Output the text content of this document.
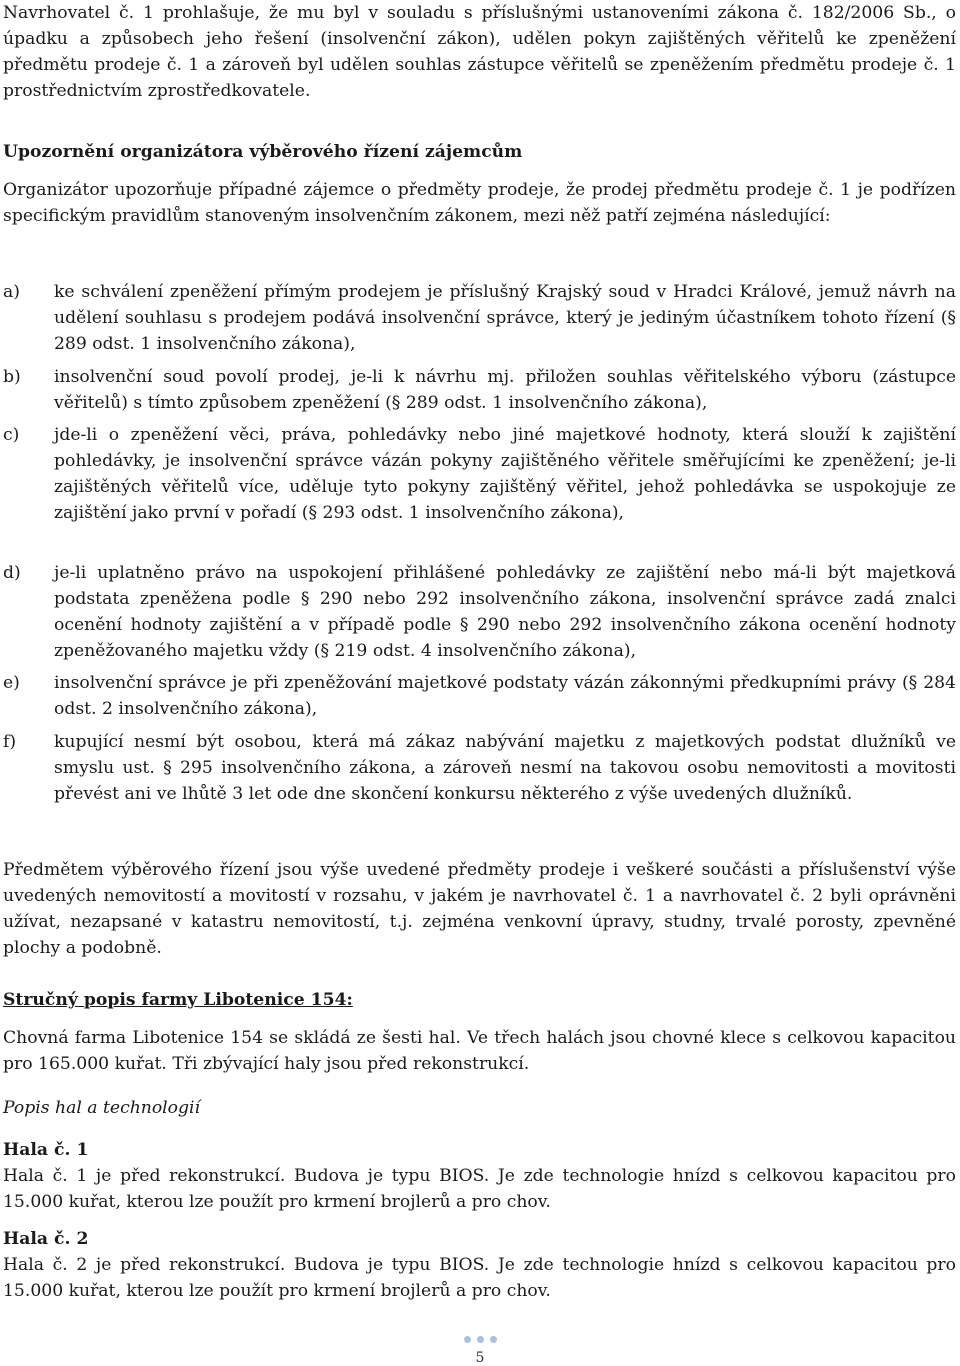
Navrhovatel č. 1 prohlašuje, že mu byl v souladu s příslušnými ustanoveními zákona č. 182/2006 Sb., o úpadku a způsobech jeho řešení (insolvenční zákon), udělen pokyn zajištěných věřitelů ke zpeněžení předmětu prodeje č. 1 a zároveň byl udělen souhlas zástupce věřitelů se zpeněžením předmětu prodeje č. 1 prostřednictvím zprostředkovatele.
Upozornění organizátora výběrového řízení zájemcům
Organizátor upozorňuje případné zájemce o předměty prodeje, že prodej předmětu prodeje č. 1 je podřízen specifickým pravidlům stanoveným insolvenčním zákonem, mezi něž patří zejména následující:
a)	ke schválení zpeněžení přímým prodejem je příslušný Krajský soud v Hradci Králové, jemuž návrh na udělení souhlasu s prodejem podává insolvenční správce, který je jediným účastníkem tohoto řízení (§ 289 odst. 1 insolvenčního zákona),
b)	insolvenční soud povolí prodej, je-li k návrhu mj. přiložen souhlas věřitelského výboru (zástupce věřitelů) s tímto způsobem zpeněžení (§ 289 odst. 1 insolvenčního zákona),
c)	jde-li o zpeněžení věci, práva, pohledávky nebo jiné majetkové hodnoty, která slouží k zajištění pohledávky, je insolvenční správce vázán pokyny zajištěného věřitele směřujícími ke zpeněžení; je-li zajištěných věřitelů více, uděluje tyto pokyny zajištěný věřitel, jehož pohledávka se uspokojuje ze zajištění jako první v pořadí (§ 293 odst. 1 insolvenčního zákona),
d)	je-li uplatněno právo na uspokojení přihlášené pohledávky ze zajištění nebo má-li být majetková podstata zpeněžena podle § 290 nebo 292 insolvenčního zákona, insolvenční správce zadá znalci ocenění hodnoty zajištění a v případě podle § 290 nebo 292 insolvenčního zákona ocenění hodnoty zpeněžovaného majetku vždy (§ 219 odst. 4 insolvenčního zákona),
e)	insolvenční správce je při zpeněžování majetkové podstaty vázán zákonnými předkupními právy (§ 284 odst. 2 insolvenčního zákona),
f)	kupující nesmí být osobou, která má zákaz nabývání majetku z majetkových podstat dlužníků ve smyslu ust. § 295 insolvenčního zákona, a zároveň nesmí na takovou osobu nemovitosti a movitosti převést ani ve lhůtě 3 let ode dne skončení konkursu některého z výše uvedených dlužníků.
Předmětem výběrového řízení jsou výše uvedené předměty prodeje i veškeré součásti a příslušenství výše uvedených nemovitostí a movitostí v rozsahu, v jakém je navrhovatel č. 1 a navrhovatel č. 2 byli oprávněni užívat, nezapsané v katastru nemovitostí, t.j. zejména venkovní úpravy, studny, trvalé porosty, zpevněné plochy a podobně.
Stručný popis farmy Libotenice 154:
Chovná farma Libotenice 154 se skládá ze šesti hal. Ve třech halách jsou chovné klece s celkovou kapacitou pro 165.000 kuřat. Tři zbývající haly jsou před rekonstrukcí.
Popis hal a technologií
Hala č. 1
Hala č. 1 je před rekonstrukcí. Budova je typu BIOS. Je zde technologie hnízd s celkovou kapacitou pro 15.000 kuřat, kterou lze použít pro krmení brojlerů a pro chov.
Hala č. 2
Hala č. 2 je před rekonstrukcí. Budova je typu BIOS. Je zde technologie hnízd s celkovou kapacitou pro 15.000 kuřat, kterou lze použít pro krmení brojlerů a pro chov.
5
